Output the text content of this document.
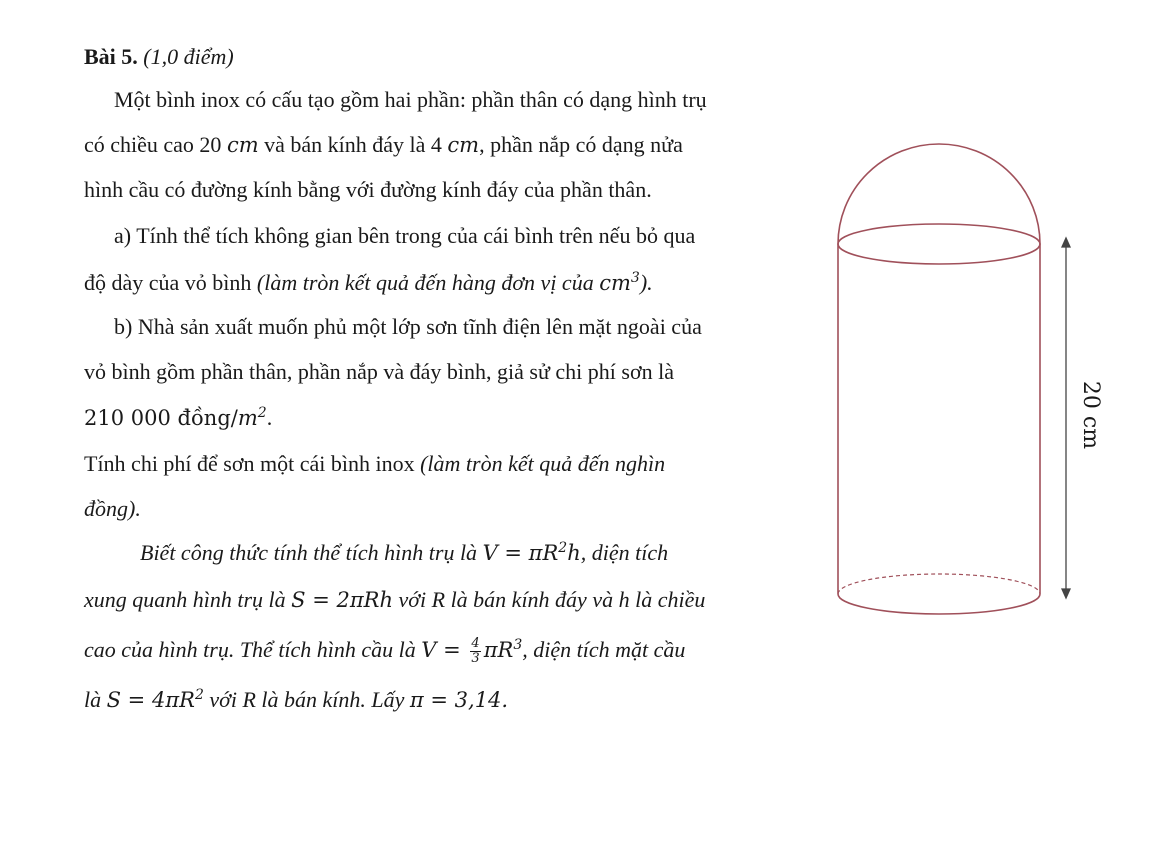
Bài 5. (1,0 điểm)
Một bình inox có cấu tạo gồm hai phần: phần thân có dạng hình trụ
có chiều cao 20 cm và bán kính đáy là 4 cm, phần nắp có dạng nửa
hình cầu có đường kính bằng với đường kính đáy của phần thân.
a) Tính thể tích không gian bên trong của cái bình trên nếu bỏ qua
độ dày của vỏ bình (làm tròn kết quả đến hàng đơn vị của $cm^3$).
b) Nhà sản xuất muốn phủ một lớp sơn tĩnh điện lên mặt ngoài của
vỏ bình gồm phần thân, phần nắp và đáy bình, giả sử chi phí sơn là
210 000 đồng/$m^2$.
Tính chi phí để sơn một cái bình inox (làm tròn kết quả đến nghìn
đồng).
Biết công thức tính thể tích hình trụ là $V = \pi R^2h$, diện tích
xung quanh hình trụ là S = 2πRh với R là bán kính đáy và h là chiều
cao của hình trụ. Thể tích hình cầu là $V = \frac{4}{3} \pi R^3$, diện tích mặt cầu
là $S = 4\pi R^2$ với R là bán kính. Lấy π = 3,14.
20 cm
